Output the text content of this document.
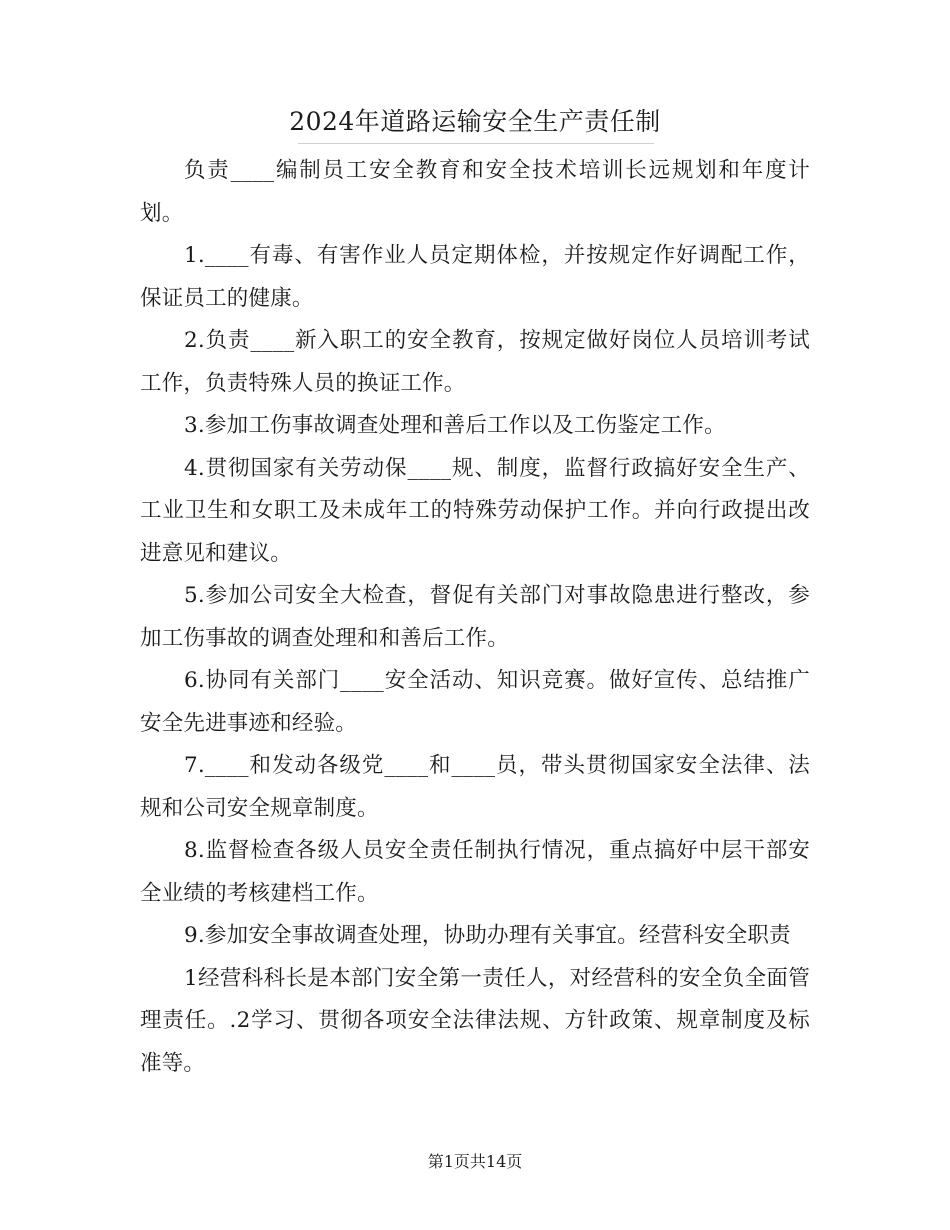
2024年道路运输安全生产责任制

负责____编制员工安全教育和安全技术培训长远规划和年度计划。

1.____有毒、有害作业人员定期体检，并按规定作好调配工作，保证员工的健康。

2.负责____新入职工的安全教育，按规定做好岗位人员培训考试工作，负责特殊人员的换证工作。

3.参加工伤事故调查处理和善后工作以及工伤鉴定工作。

4.贯彻国家有关劳动保____规、制度，监督行政搞好安全生产、工业卫生和女职工及未成年工的特殊劳动保护工作。并向行政提出改进意见和建议。

5.参加公司安全大检查，督促有关部门对事故隐患进行整改，参加工伤事故的调查处理和和善后工作。

6.协同有关部门____安全活动、知识竞赛。做好宣传、总结推广安全先进事迹和经验。

7.____和发动各级党____和____员，带头贯彻国家安全法律、法规和公司安全规章制度。

8.监督检查各级人员安全责任制执行情况，重点搞好中层干部安全业绩的考核建档工作。

9.参加安全事故调查处理，协助办理有关事宜。经营科安全职责

1经营科科长是本部门安全第一责任人，对经营科的安全负全面管理责任。.2学习、贯彻各项安全法律法规、方针政策、规章制度及标准等。

第1页共14页
